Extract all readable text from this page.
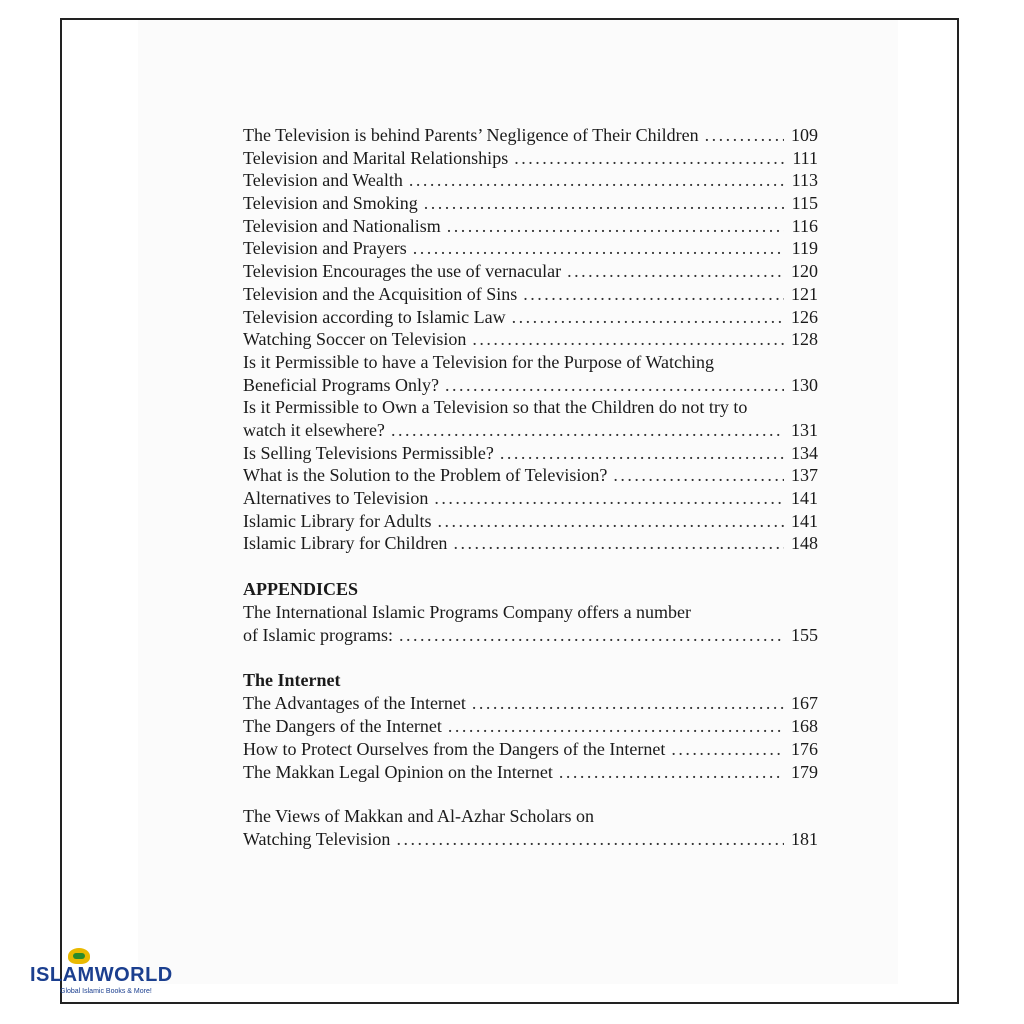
The Television is behind Parents’ Negligence of Their Children . . .	109
Television and Marital Relationships . . .	111
Television and Wealth . . .	113
Television and Smoking . . .	115
Television and Nationalism . . .	116
Television and Prayers . . .	119
Television Encourages the use of vernacular . . .	120
Television and the Acquisition of Sins . . .	121
Television according to Islamic Law . . .	126
Watching Soccer on Television . . .	128
Is it Permissible to have a Television for the Purpose of Watching
Beneficial Programs Only? . . .	130
Is it Permissible to Own a Television so that the Children do not try to
watch it elsewhere? . . .	131
Is Selling Televisions Permissible? . . .	134
What is the Solution to the Problem of Television? . . .	137
Alternatives to Television . . .	141
Islamic Library for Adults . . .	141
Islamic Library for Children . . .	148
APPENDICES
The International Islamic Programs Company offers a number
of Islamic programs: . . .	155
The Internet
The Advantages of the Internet . . .	167
The Dangers of the Internet . . .	168
How to Protect Ourselves from the Dangers of the Internet . . .	176
The Makkan Legal Opinion on the Internet . . .	179
The Views of Makkan and Al-Azhar Scholars on
Watching Television . . .	181
ISLAMWORLD
Global Islamic Books & More!
